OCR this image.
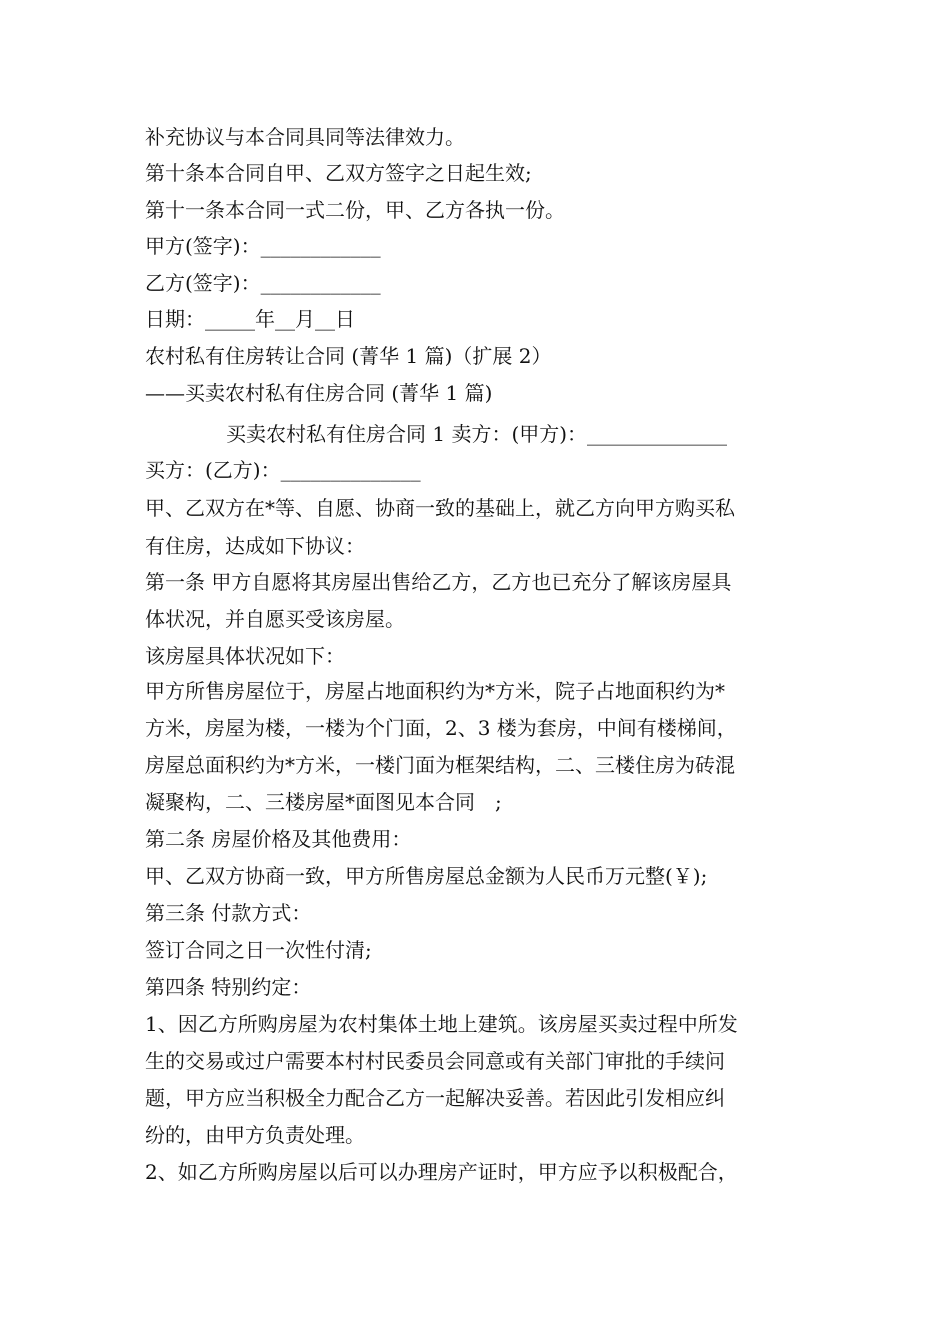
补充协议与本合同具同等法律效力。
第十条本合同自甲、乙双方签字之日起生效;
第十一条本合同一式二份，甲、乙方各执一份。
甲方(签字)：____________
乙方(签字)：____________
日期：_____年__月__日
农村私有住房转让合同 (菁华 1 篇)（扩展 2）
——买卖农村私有住房合同 (菁华 1 篇)
买卖农村私有住房合同 1 卖方：(甲方)：______________
买方：(乙方)：______________
甲、乙双方在*等、自愿、协商一致的基础上，就乙方向甲方购买私
有住房，达成如下协议：
第一条 甲方自愿将其房屋出售给乙方，乙方也已充分了解该房屋具
体状况，并自愿买受该房屋。
该房屋具体状况如下：
甲方所售房屋位于，房屋占地面积约为*方米，院子占地面积约为*
方米，房屋为楼，一楼为个门面，2、3 楼为套房，中间有楼梯间，
房屋总面积约为*方米，一楼门面为框架结构，二、三楼住房为砖混
凝聚构，二、三楼房屋*面图见本合同　;
第二条 房屋价格及其他费用：
甲、乙双方协商一致，甲方所售房屋总金额为人民币万元整(￥);
第三条 付款方式：
签订合同之日一次性付清;
第四条 特别约定：
1、因乙方所购房屋为农村集体土地上建筑。该房屋买卖过程中所发
生的交易或过户需要本村村民委员会同意或有关部门审批的手续问
题，甲方应当积极全力配合乙方一起解决妥善。若因此引发相应纠
纷的，由甲方负责处理。
2、如乙方所购房屋以后可以办理房产证时，甲方应予以积极配合，
